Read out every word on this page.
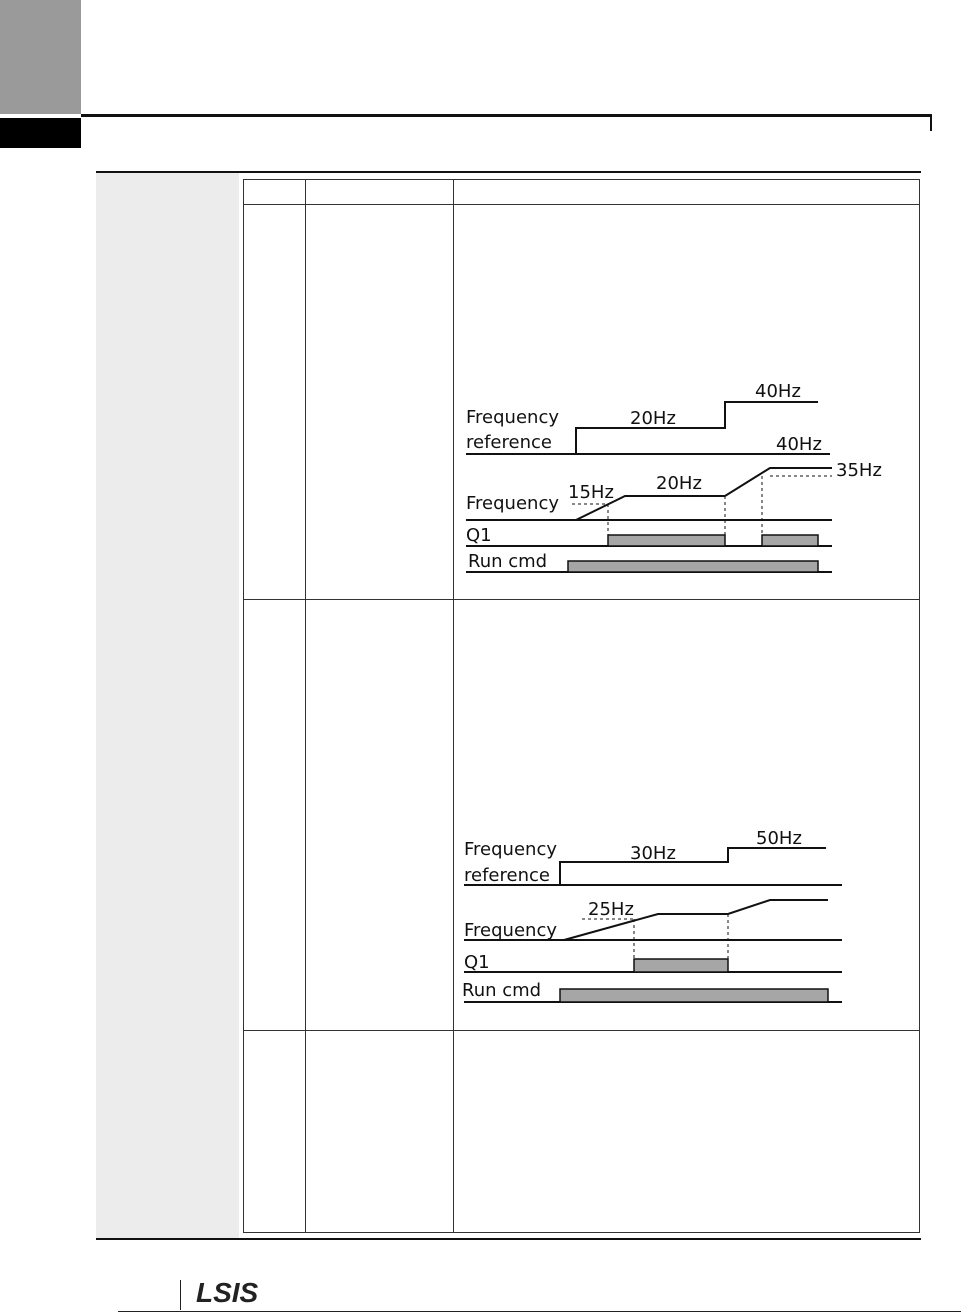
Frequency
reference
20Hz
40Hz
40Hz
20Hz
35Hz
15Hz
Frequency
Q1
Run cmd
Frequency
reference
30Hz
50Hz
25Hz
Frequency
Q1
Run cmd
LSIS
